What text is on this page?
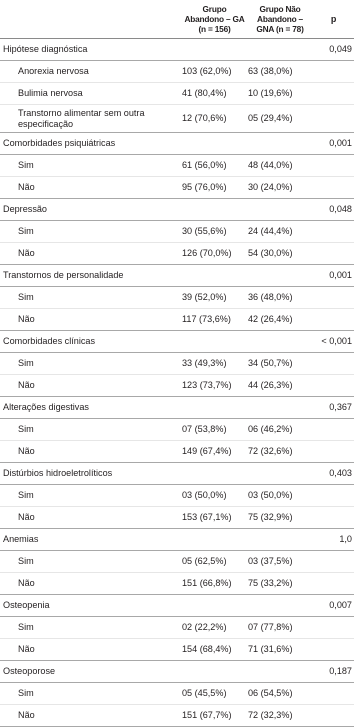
	Grupo Abandono – GA (n = 156)	Grupo Não Abandono – GNA (n = 78)	p
Hipótese diagnóstica			0,049

Anorexia nervosa	103 (62,0%)	63 (38,0%)	

Bulimia nervosa	41 (80,4%)	10 (19,6%)	

Transtorno alimentar sem outra especificação	12 (70,6%)	05 (29,4%)	
Comorbidades psiquiátricas			0,001

Sim	61 (56,0%)	48 (44,0%)	

Não	95 (76,0%)	30 (24,0%)	
Depressão			0,048

Sim	30 (55,6%)	24 (44,4%)	

Não	126 (70,0%)	54 (30,0%)	
Transtornos de personalidade			0,001

Sim	39 (52,0%)	36 (48,0%)	

Não	117 (73,6%)	42 (26,4%)	
Comorbidades clínicas			< 0,001

Sim	33 (49,3%)	34 (50,7%)	

Não	123 (73,7%)	44 (26,3%)	
Alterações digestivas			0,367

Sim	07 (53,8%)	06 (46,2%)	

Não	149 (67,4%)	72 (32,6%)	
Distúrbios hidroeletrolíticos			0,403

Sim	03 (50,0%)	03 (50,0%)	

Não	153 (67,1%)	75 (32,9%)	
Anemias			1,0

Sim	05 (62,5%)	03 (37,5%)	

Não	151 (66,8%)	75 (33,2%)	
Osteopenia			0,007

Sim	02 (22,2%)	07 (77,8%)	

Não	154 (68,4%)	71 (31,6%)	
Osteoporose			0,187

Sim	05 (45,5%)	06 (54,5%)	

Não	151 (67,7%)	72 (32,3%)	
